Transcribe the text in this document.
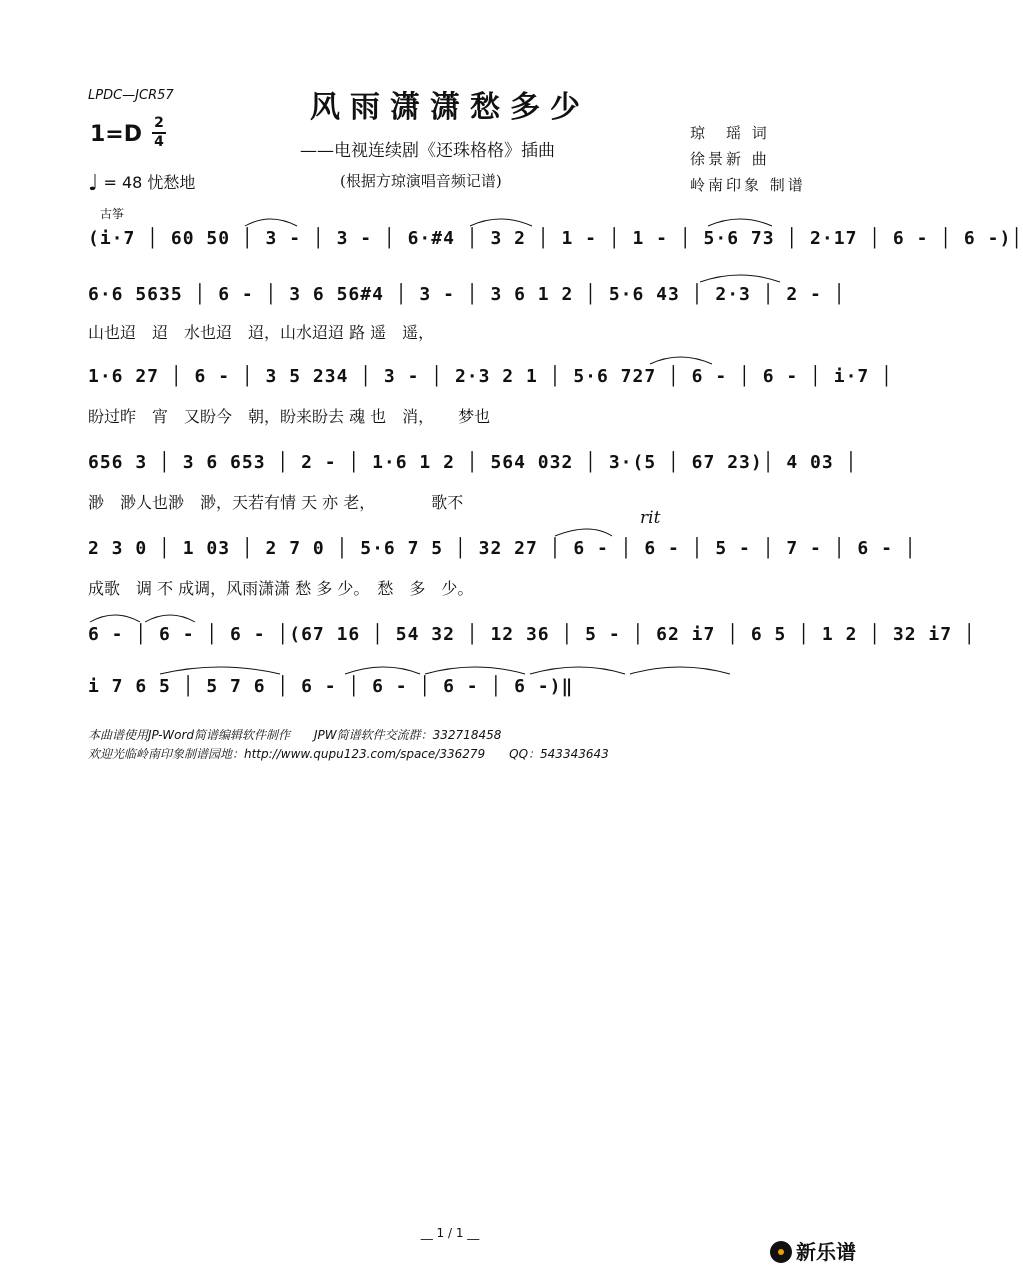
LPDC—JCR57	风雨潇潇愁多少
——电视连续剧《还珠格格》插曲
(根据方琼演唱音频记谱)
1=D 2
4
♩ = 48 忧愁地
琼　瑶 词
徐景新 曲
岭南印象 制谱
古筝
(i·7 │ 60 50 │ 3 - │ 3 - │ 6·#4 │ 3 2 │ 1 - │ 1 - │ 5·6 73 │ 2·17 │ 6 - │ 6 -)│
6·6 5635 │ 6 - │ 3 6 56#4 │ 3 - │ 3 6 1 2 │ 5·6 43 │ 2·3 │ 2 - │
山也迢　迢　水也迢　迢，山水迢迢 路 遥　遥，
1·6 27 │ 6 - │ 3 5 234 │ 3 - │ 2·3 2 1 │ 5·6 727 │ 6 - │ 6 - │ i·7 │
盼过昨　宵　又盼今　朝，盼来盼去 魂 也　消，　　梦也
656 3 │ 3 6 653 │ 2 - │ 1·6 1 2 │ 564 032 │ 3·(5 │ 67 23)│ 4 03 │
渺　渺人也渺　渺，天若有情 天 亦 老，　　　　歌不
rit
2 3 0 │ 1 03 │ 2 7 0 │ 5·6 7 5 │ 32 27 │ 6 - │ 6 - │ 5 - │ 7 - │ 6 - │
成歌　调 不 成调，风雨潇潇 愁 多 少。　愁　多　少。
6 - │ 6 - │ 6 - │(67 16 │ 54 32 │ 12 36 │ 5 - │ 62 i7 │ 6 5 │ 1 2 │ 32 i7 │
i 7 6 5 │ 5 7 6 │ 6 - │ 6 - │ 6 - │ 6 -)‖
本曲谱使用JP-Word简谱编辑软件制作　　JPW简谱软件交流群：332718458
欢迎光临岭南印象制谱园地：http://www.qupu123.com/space/336279　　QQ：543343643
__ 1 / 1 __
新乐谱
